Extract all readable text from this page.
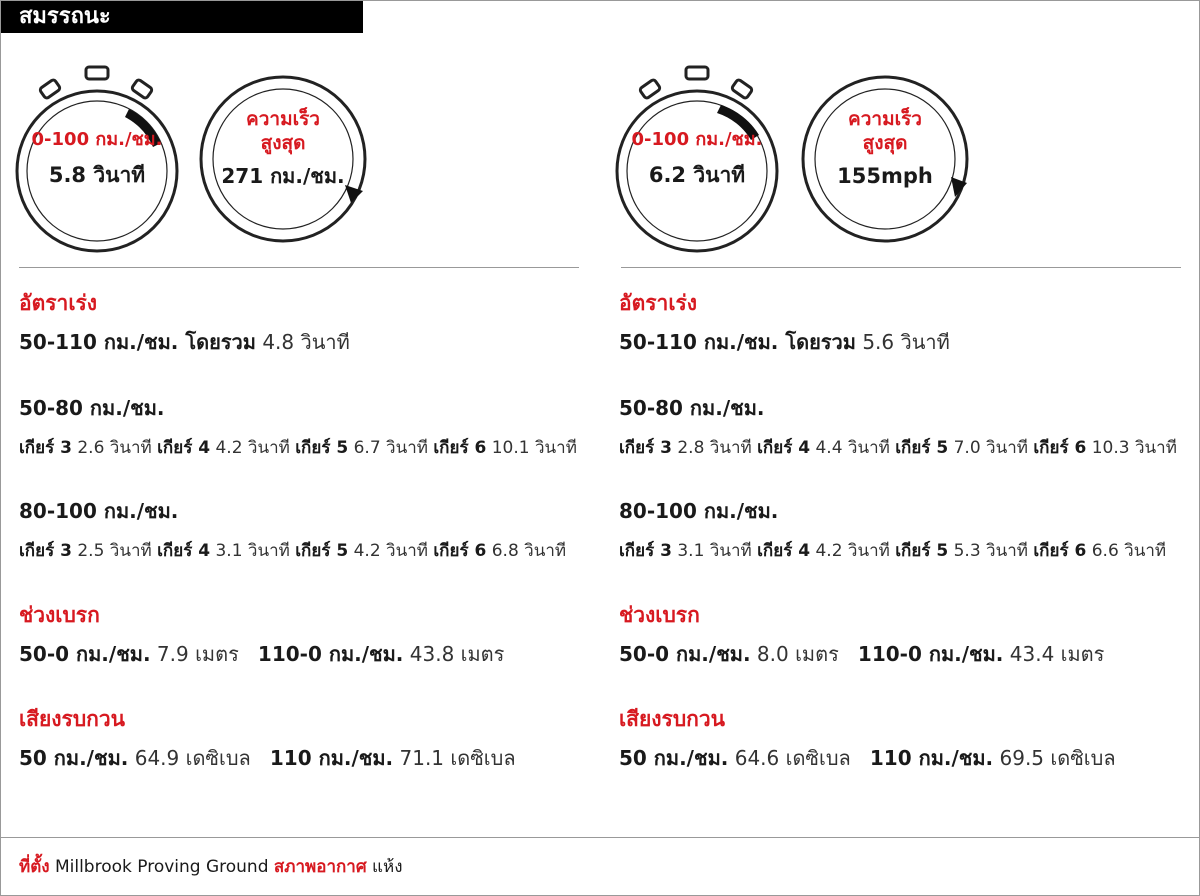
สมรรถนะ
0-100 กม./ชม.
5.8 วินาที
ความเร็ว
สูงสุด
271 กม./ชม.
อัตราเร่ง
50-110 กม./ชม. โดยรวม 4.8 วินาที
50-80 กม./ชม.
เกียร์ 3 2.6 วินาที เกียร์ 4 4.2 วินาที เกียร์ 5 6.7 วินาที เกียร์ 6 10.1 วินาที
80-100 กม./ชม.
เกียร์ 3 2.5 วินาที เกียร์ 4 3.1 วินาที เกียร์ 5 4.2 วินาที เกียร์ 6 6.8 วินาที
ช่วงเบรก
50-0 กม./ชม. 7.9 เมตร 110-0 กม./ชม. 43.8 เมตร
เสียงรบกวน
50 กม./ชม. 64.9 เดซิเบล 110 กม./ชม. 71.1 เดซิเบล
0-100 กม./ชม.
6.2 วินาที
ความเร็ว
สูงสุด
155mph
อัตราเร่ง
50-110 กม./ชม. โดยรวม 5.6 วินาที
50-80 กม./ชม.
เกียร์ 3 2.8 วินาที เกียร์ 4 4.4 วินาที เกียร์ 5 7.0 วินาที เกียร์ 6 10.3 วินาที
80-100 กม./ชม.
เกียร์ 3 3.1 วินาที เกียร์ 4 4.2 วินาที เกียร์ 5 5.3 วินาที เกียร์ 6 6.6 วินาที
ช่วงเบรก
50-0 กม./ชม. 8.0 เมตร 110-0 กม./ชม. 43.4 เมตร
เสียงรบกวน
50 กม./ชม. 64.6 เดซิเบล 110 กม./ชม. 69.5 เดซิเบล
ที่ตั้ง Millbrook Proving Ground สภาพอากาศ แห้ง
